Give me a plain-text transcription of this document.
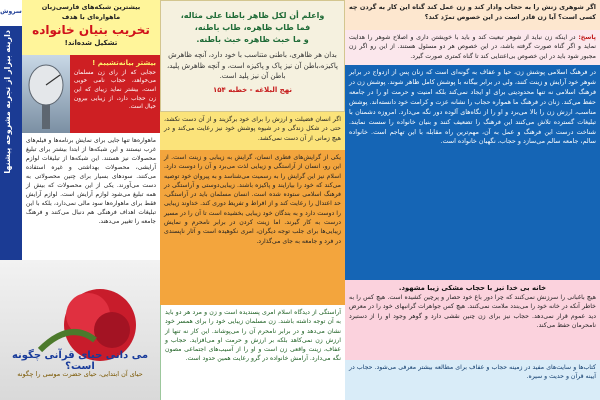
سروش
دارینه بیزار از تجربه مشروحه پیشنها
بیشترین شبکه‌های فارسی‌زبان ماهواره‌ای با هدف
تخریب بنیان خانواده
تشکیل شده‌اند!
بیشتر بیانه‌تشیبم !
حجابی که از رای زن مسلمان می‌خواهد، حجاب نامی خوبی است، بیشتر نماید زیبای که این زن حجاب دارد، از زیبایی بیرون خیال است.

ماهواره‌ها تنها جایی برای نمایش برنامه‌ها و فیلم‌های غرب نیستند و این شبکه‌ها از ابتدا بیشتر برای تبلیغ محصولات نیز هستند. این شبکه‌ها از تبلیغات لوازم آرایشی، محصولات بهداشتی و غیره استفاده می‌کنند. سودهای بسیار برای چنین محصولاتی به دست می‌آورند. یکی از این محصولات که بیش از همه تبلیغ می‌شود لوازم آرایش است. لوازم آرایش فقط برای ماهواره‌ها سود مالی نمی‌دارد، بلکه با این تبلیغات اهداف فرهنگی هم دنبال می‌کنند و فرهنگ جامعه را تغییر می‌دهند.

می دانی حیای قرآنی چگونه است؟
حیای آن ابتدایی، حیای حضرت موسی را چگونه
واعلم أن لكل ظاهر باطنا على مثاله،
فما طاب ظاهره، طاب باطنه،
و ما خبث ظاهره خبث باطنه.
بدان هر ظاهری، باطنی متناسب با خود دارد، آنچه ظاهرش پاکیزه،باطن آن نیز پاک و پاکیزه است، و آنچه ظاهرش پلید، باطن آن نیز پلید است.
نهج البلاغه - خطبه ۱۵۴

اگر انسان فضیلت و ارزش را برای خود برگزیند و از آن دست نکشد، حتی در شکل زندگی و در شیوه پوشش خود نیز رعایت می‌کند و در هیچ زمانی از آن دست نمی‌کشد.

یکی از گرایش‌های فطری انسان، گرایش به زیبایی و زینت است. از این رو، انسان از آراستگی و زیبایی لذت می‌برد و آن را دوست دارد. اسلام نیز این گرایش را به رسمیت می‌شناسد و به پیروان خود توصیه می‌کند که خود را بیارایند و پاکیزه باشند. زیبایی‌دوستی و آراستگی در فرهنگ اسلامی ستوده شده است. انسان مسلمان باید در آراستگی، حد اعتدال را رعایت کند و از افراط و تفریط دوری کند. خداوند زیبایی را دوست دارد و به بندگان خود زیبایی بخشیده است تا آن را در مسیر درست به کار گیرند. اما زینت کردن در برابر نامحرم و نمایش زیبایی‌ها برای جلب توجه دیگران، امری نکوهیده است و آثار ناپسندی در فرد و جامعه به جای می‌گذارد.

آراستگی از دیدگاه اسلام امری پسندیده است و زن و مرد هر دو باید به آن توجه داشته باشند. زن مسلمان زیبایی خود را برای همسر خود نشان می‌دهد و در برابر نامحرم آن را می‌پوشاند. این کار نه تنها از ارزش زن نمی‌کاهد بلکه بر ارزش و حرمت او می‌افزاید. حجاب و عفاف، زینت واقعی زن است و او را از آسیب‌های اجتماعی مصون نگه می‌دارد. آرامش خانواده در گرو رعایت همین حدود است.

اگر شوهری زنش را به حجاب وادار کند و زن عمل کند گناه این کار به گردن چه کسی است؟ آیا زن قادر است در این خصوص تمرّد کند؟

پاسخ: در اینکه زن نباید از شوهر تبعیت کند و باید با خویشتن داری و اصلاح شوهر را هدایت نماید و اگر گناه صورت گرفته باشد، در این خصوص هر دو مسئول هستند. از این رو اگر زن مجبور شود باید در این خصوص بی‌اعتنایی کند تا گناه کمتری صورت گیرد.

در فرهنگ اسلامی پوشش زن، حیا و عفاف به گونه‌ای است که زنان پس از ازدواج در برابر شوهر خود آرایش و زینت کنند، ولی در برابر بیگانه با پوشش کامل ظاهر شوند. پوشش زن در فرهنگ اسلامی نه تنها محدودیتی برای او ایجاد نمی‌کند بلکه امنیت و حرمت او را در جامعه حفظ می‌کند. زنان در فرهنگ ما همواره حجاب را نشانه عزت و کرامت خود دانسته‌اند. پوشش مناسب، ارزش زن را بالا می‌برد و او را از نگاه‌های آلوده دور نگه می‌دارد. امروزه دشمنان با تبلیغات گسترده تلاش می‌کنند این فرهنگ را تضعیف کنند و بنیان خانواده را سست نمایند. شناخت درست این فرهنگ و عمل به آن، مهم‌ترین راه مقابله با این تهاجم است. خانواده سالم، جامعه سالم می‌سازد و حجاب، نگهبان خانواده است.

خانه بی خدا نیز با حجاب مشکی زیبا مشهود.

هیچ باغبانی را سرزنش نمی‌کنند که چرا دور باغ خود حصار و پرچین کشیده است. هیچ کس را به خاطر آنکه در خانه خود را می‌بندد ملامت نمی‌کنند. هیچ کس جواهرات گرانبهای خود را در معرض دید عموم قرار نمی‌دهد. حجاب نیز برای زن چنین نقشی دارد و گوهر وجود او را از دستبرد نامحرمان حفظ می‌کند.

کتاب‌ها و سایت‌های مفید در زمینه حجاب و عفاف برای مطالعه بیشتر معرفی می‌شود. حجاب در آیینه قرآن و حدیث و سیره.
